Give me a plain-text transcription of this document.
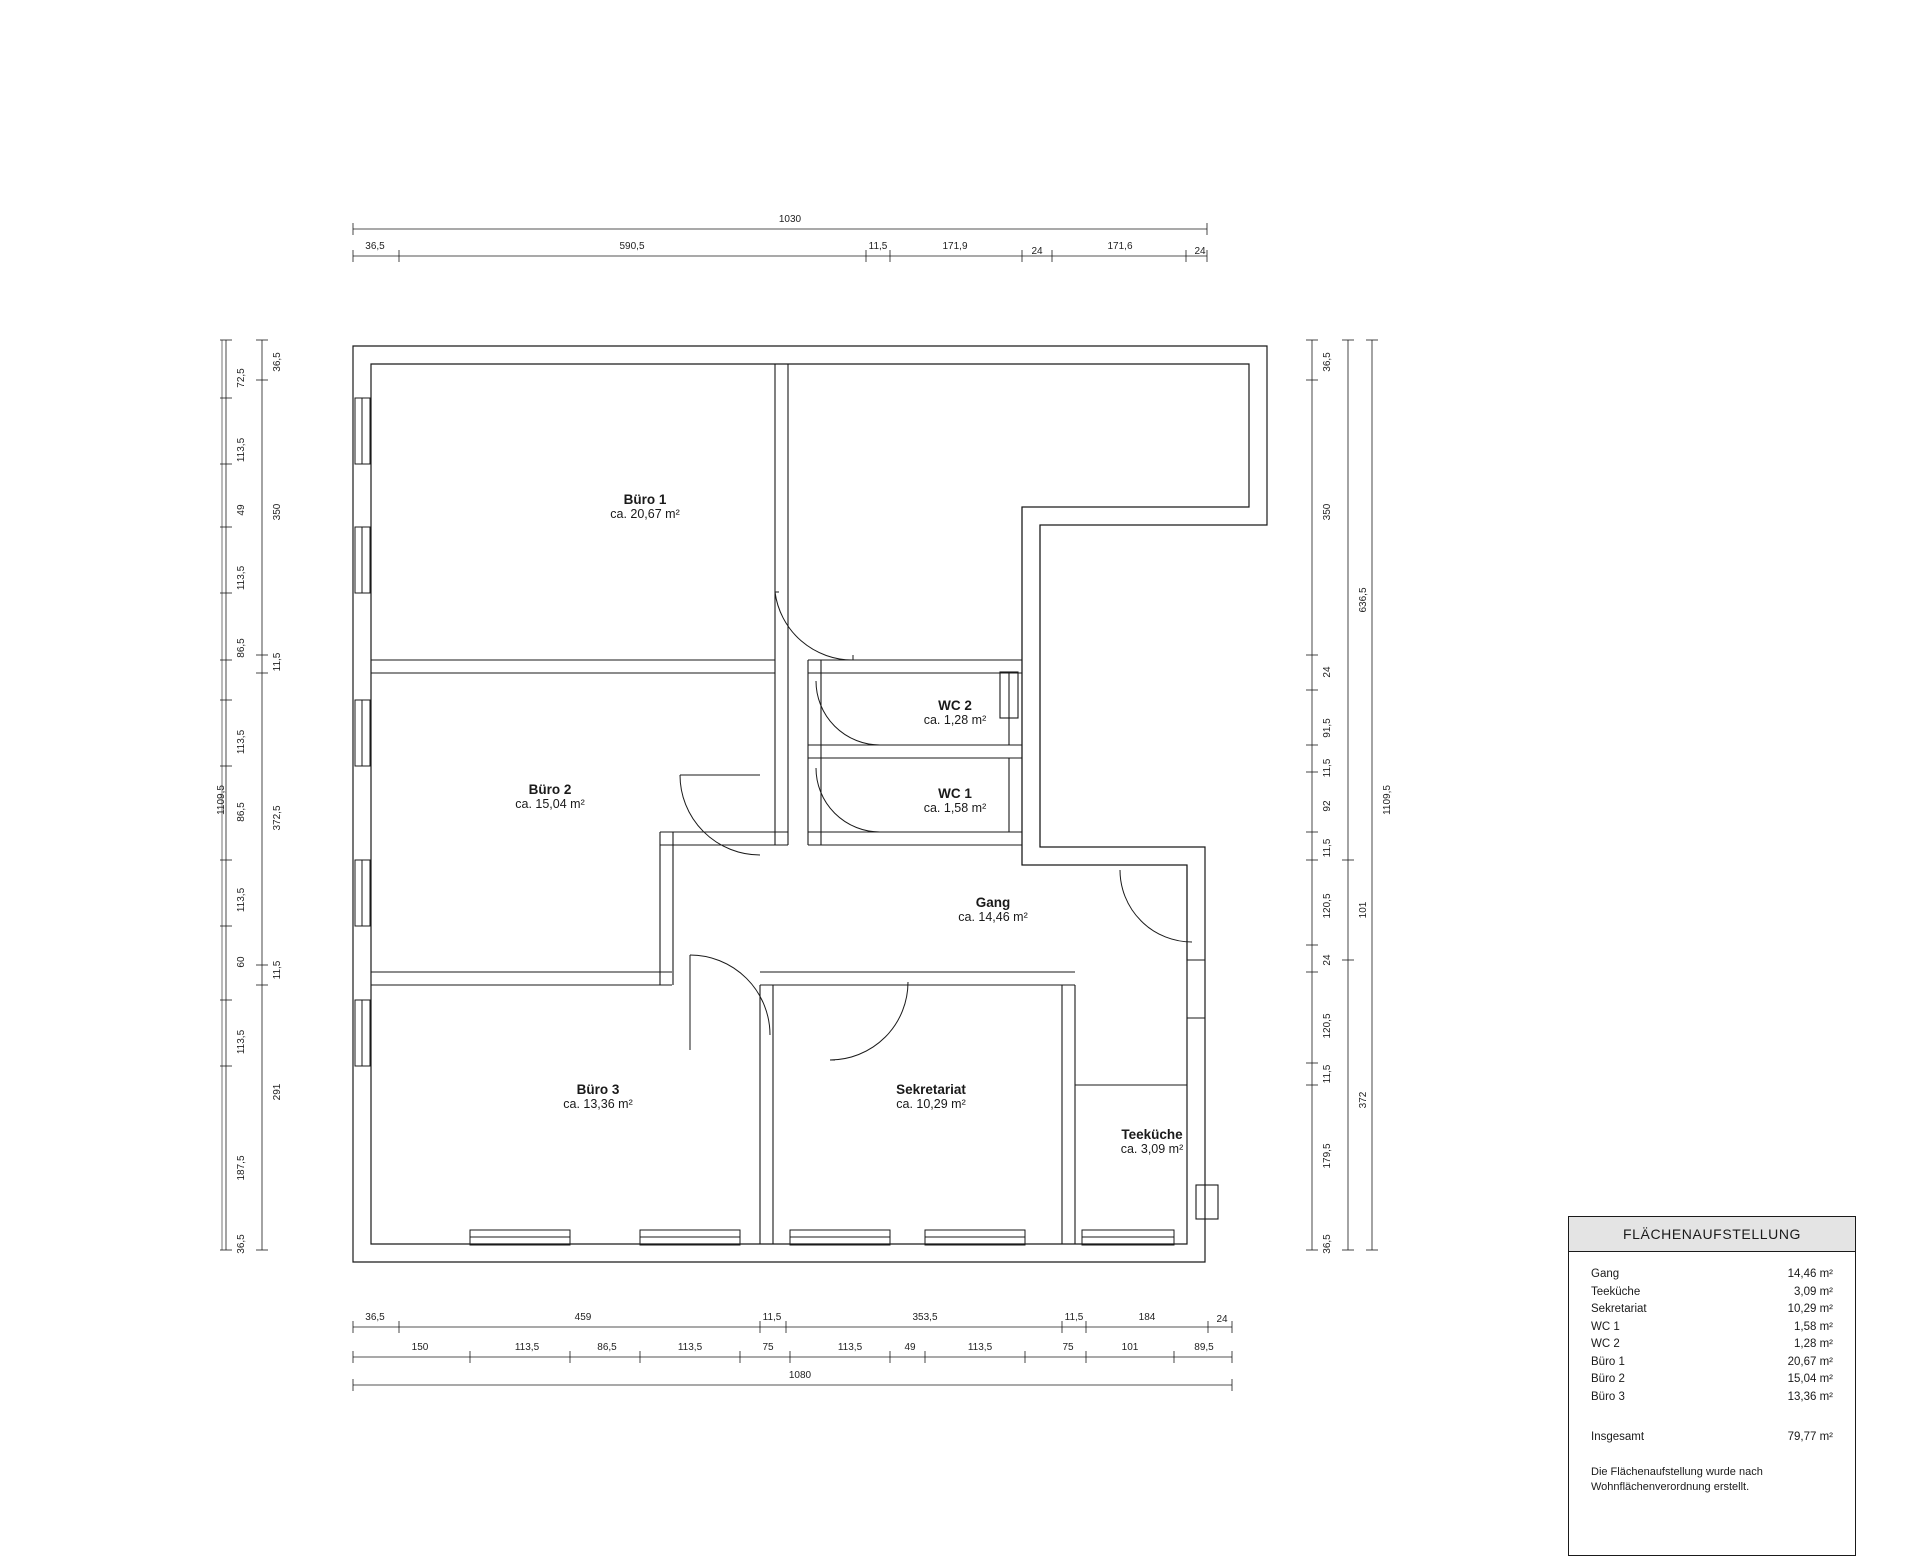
Büro 1
ca. 20,67 m²
Büro 2
ca. 15,04 m²
Büro 3
ca. 13,36 m²
WC 2
ca. 1,28 m²
WC 1
ca. 1,58 m²
Gang
ca. 14,46 m²
Sekretariat
ca. 10,29 m²
Teeküche
ca. 3,09 m²
1030
36,5	590,5	11,5	171,9	24	171,6	24
36,5	459	11,5	353,5	11,5	184	24
150	113,5	86,5	113,5	75	113,5	49	113,5	75	101	89,5
1080
72,5
113,5
49
113,5
86,5
113,5
86,5
113,5
60
113,5
187,5
36,5
36,5
350
11,5
372,5
11,5
291
1109,5
36,5
350
24
91,5
11,5
92
11,5
120,5
24
120,5
11,5
179,5
36,5
636,5
101
372
1109,5
FLÄCHENAUFSTELLUNG
Gang	14,46 m²
Teeküche	3,09 m²
Sekretariat	10,29 m²
WC 1	1,58 m²
WC 2	1,28 m²
Büro 1	20,67 m²
Büro 2	15,04 m²
Büro 3	13,36 m²
Insgesamt	79,77 m²
Die Flächenaufstellung wurde nach Wohnflächenverordnung erstellt.
